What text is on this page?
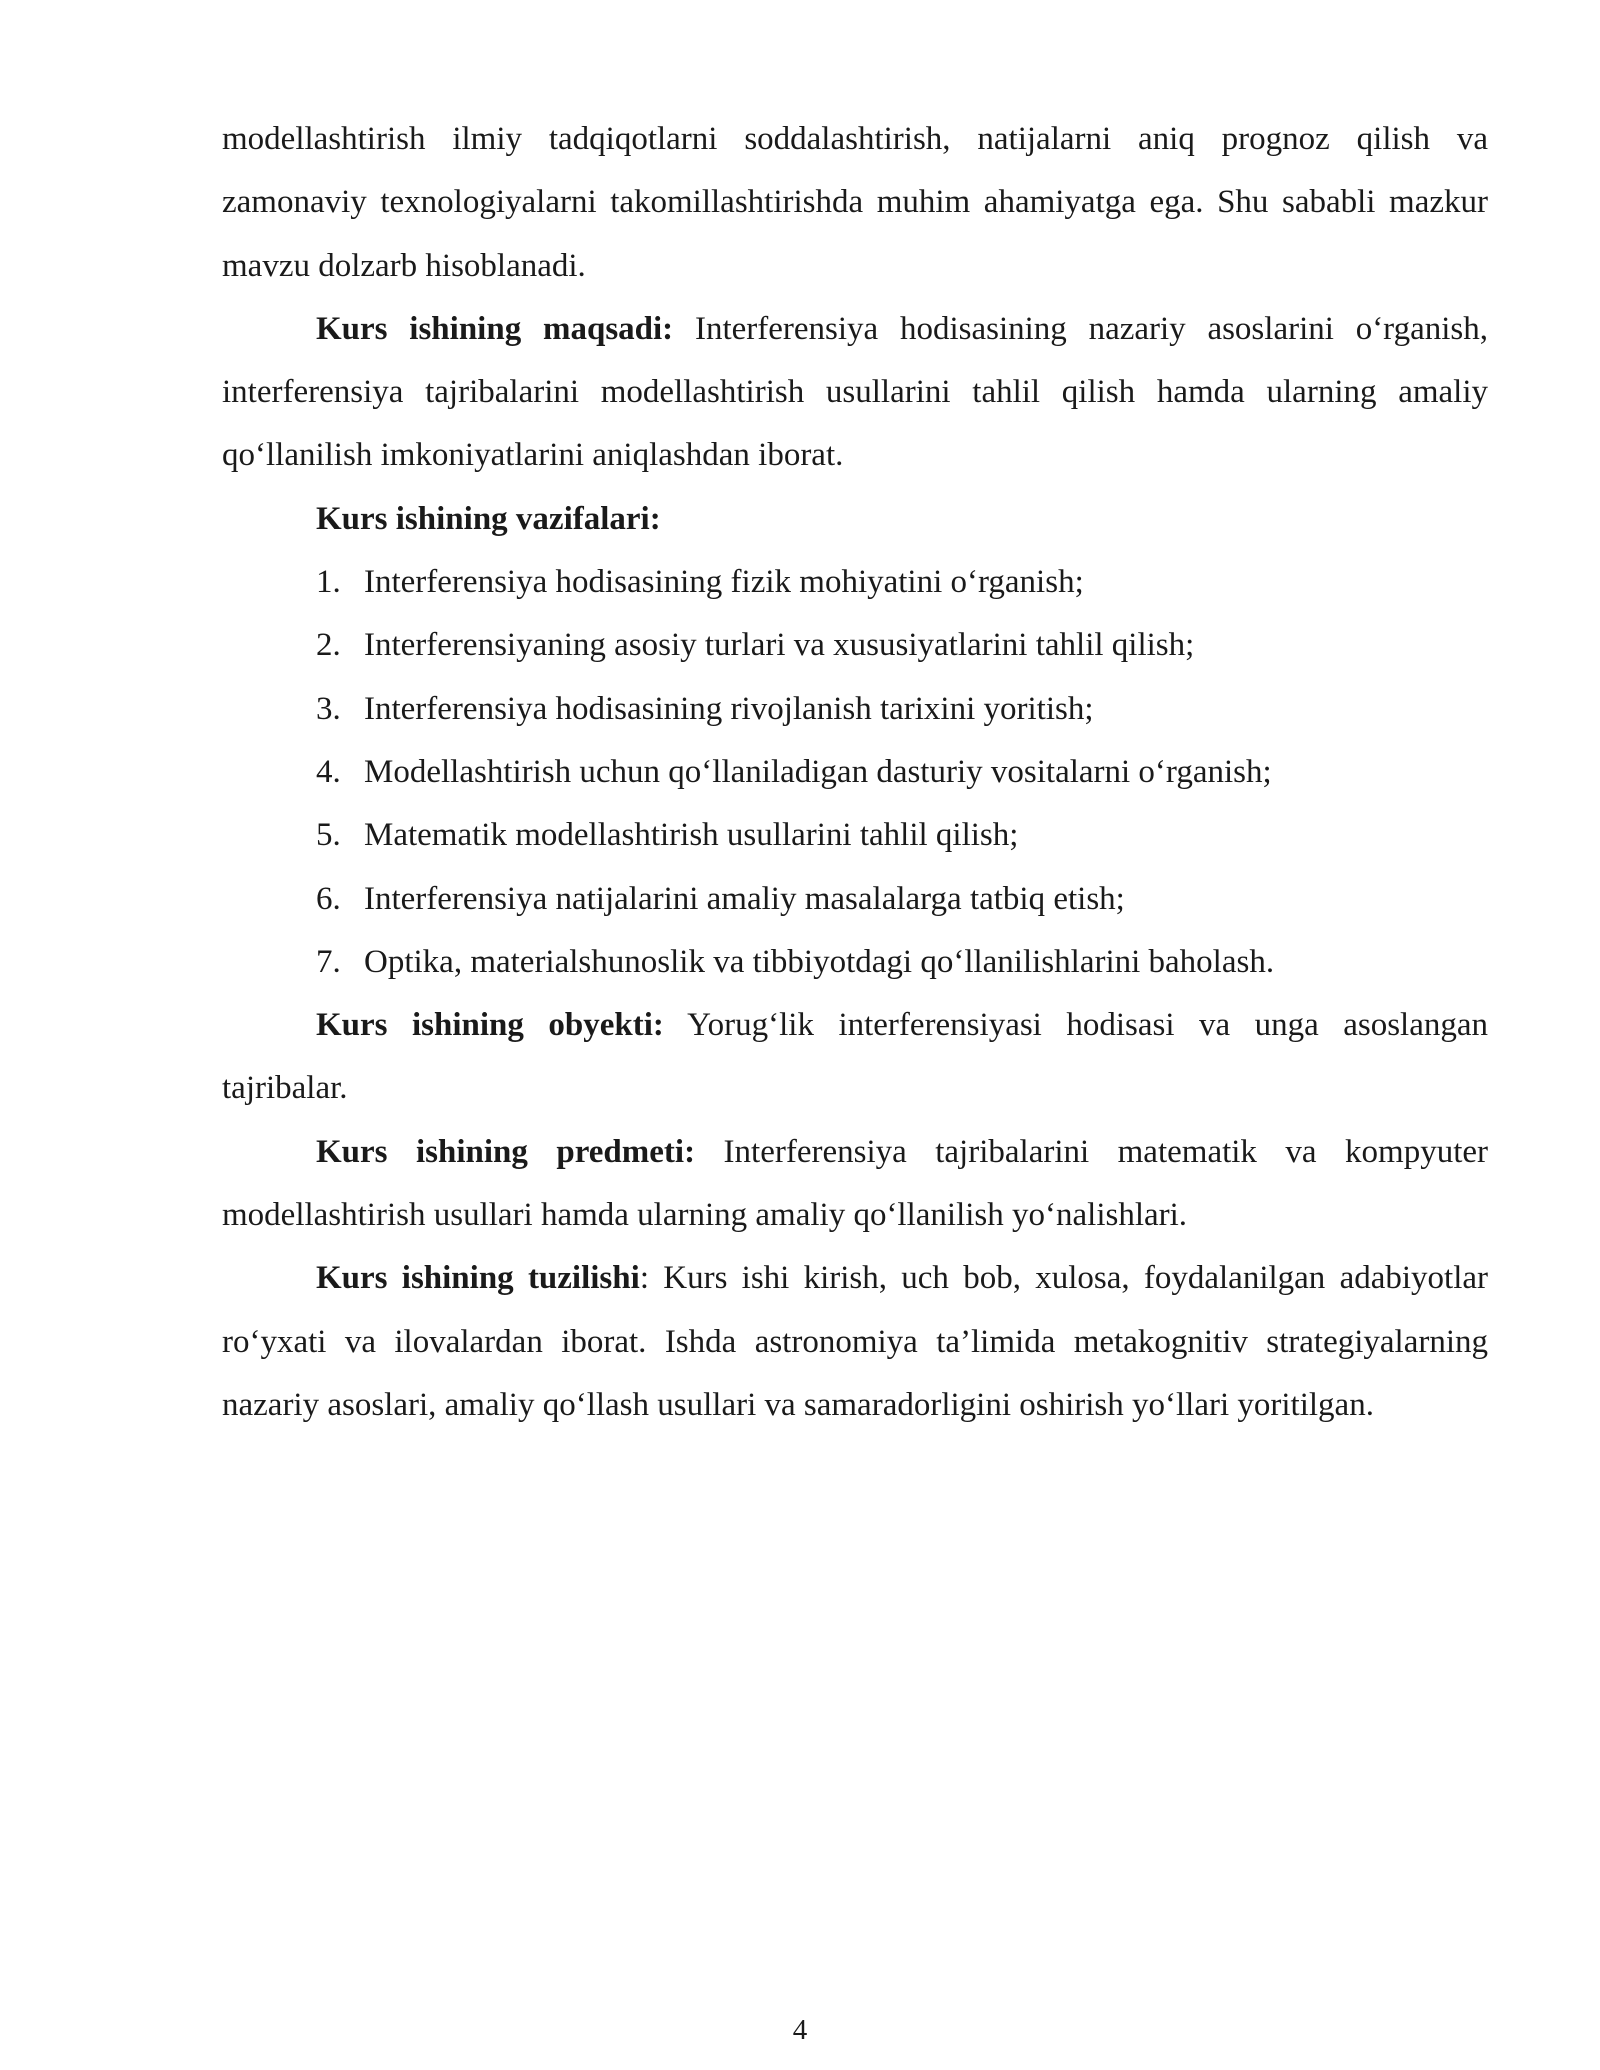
modellashtirish ilmiy tadqiqotlarni soddalashtirish, natijalarni aniq prognoz qilish va zamonaviy texnologiyalarni takomillashtirishda muhim ahamiyatga ega. Shu sababli mazkur mavzu dolzarb hisoblanadi.

Kurs ishining maqsadi: Interferensiya hodisasining nazariy asoslarini o‘rganish, interferensiya tajribalarini modellashtirish usullarini tahlil qilish hamda ularning amaliy qo‘llanilish imkoniyatlarini aniqlashdan iborat.

Kurs ishining vazifalari:

1. Interferensiya hodisasining fizik mohiyatini o‘rganish;
2. Interferensiyaning asosiy turlari va xususiyatlarini tahlil qilish;
3. Interferensiya hodisasining rivojlanish tarixini yoritish;
4. Modellashtirish uchun qo‘llaniladigan dasturiy vositalarni o‘rganish;
5. Matematik modellashtirish usullarini tahlil qilish;
6. Interferensiya natijalarini amaliy masalalarga tatbiq etish;
7. Optika, materialshunoslik va tibbiyotdagi qo‘llanilishlarini baholash.

Kurs ishining obyekti: Yorug‘lik interferensiyasi hodisasi va unga asoslangan tajribalar.

Kurs ishining predmeti: Interferensiya tajribalarini matematik va kompyuter modellashtirish usullari hamda ularning amaliy qo‘llanilish yo‘nalishlari.

Kurs ishining tuzilishi: Kurs ishi kirish, uch bob, xulosa, foydalanilgan adabiyotlar ro‘yxati va ilovalardan iborat. Ishda astronomiya ta’limida metakognitiv strategiyalarning nazariy asoslari, amaliy qo‘llash usullari va samaradorligini oshirish yo‘llari yoritilgan.

4
